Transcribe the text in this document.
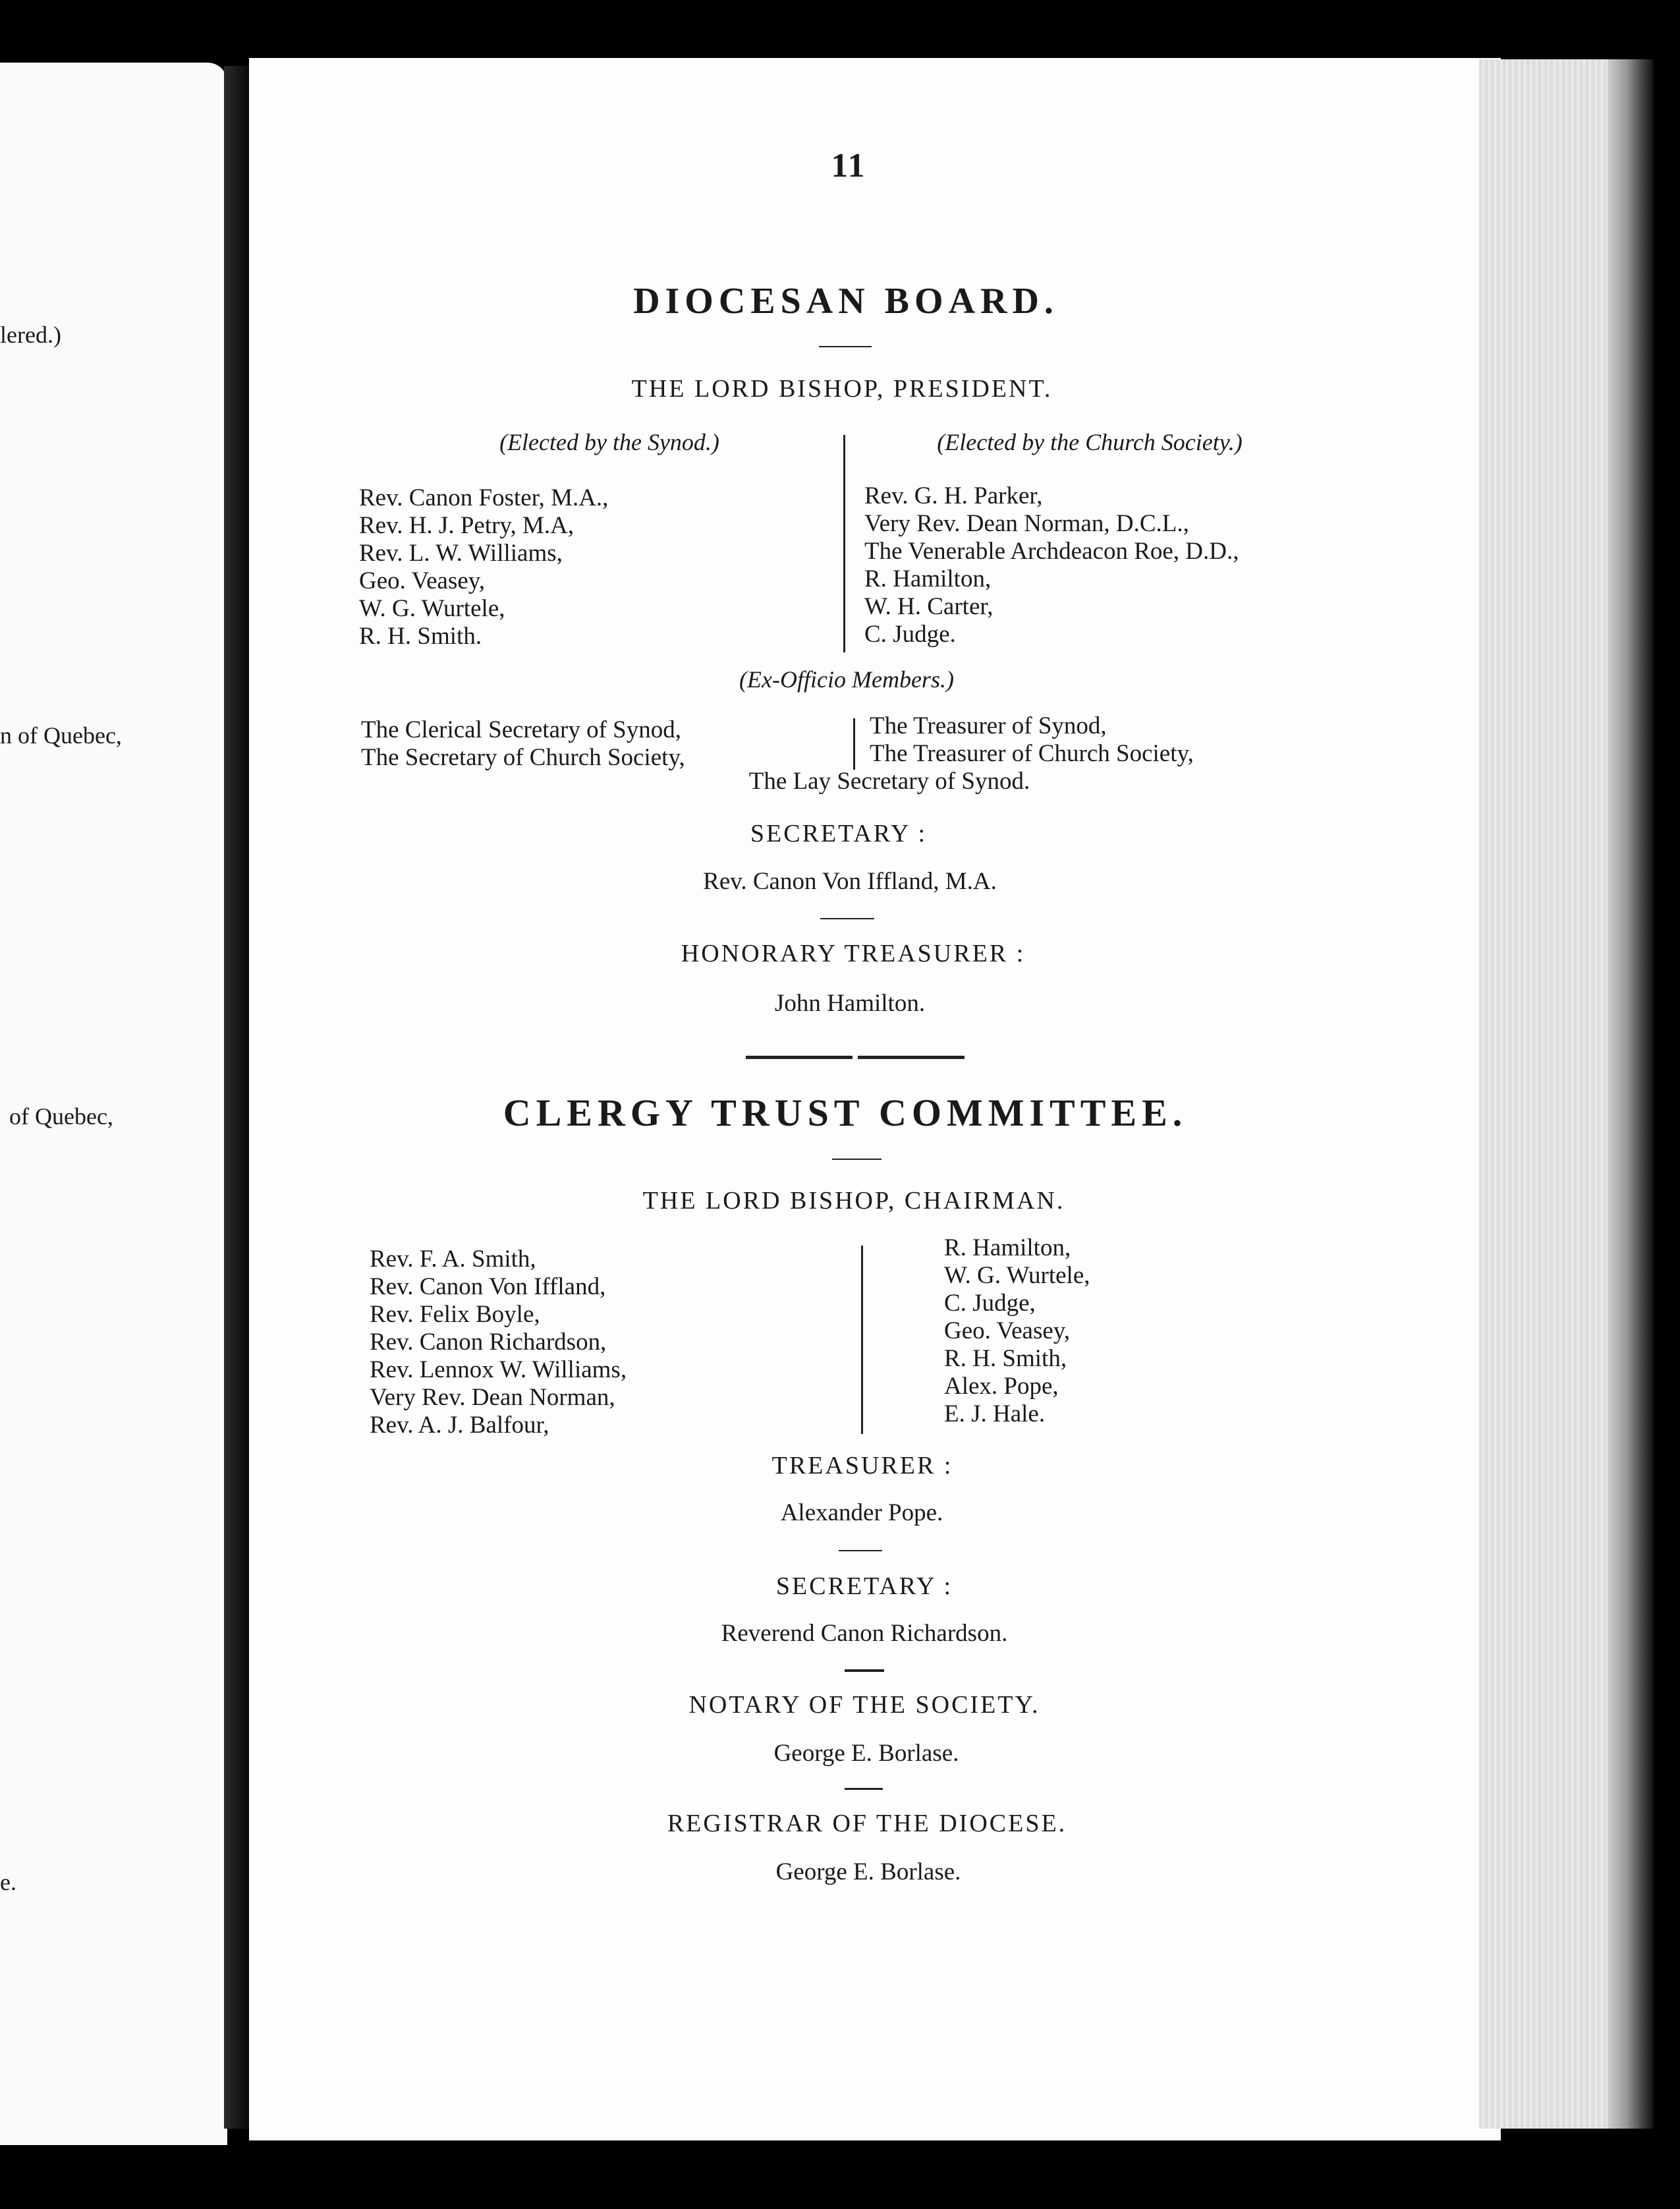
lered.)
n of Quebec,
of Quebec,
e.
11
DIOCESAN BOARD.
THE LORD BISHOP, PRESIDENT.
(Elected by the Synod.)	(Elected by the Church Society.)
Rev. Canon Foster, M.A.,
Rev. H. J. Petry, M.A,
Rev. L. W. Williams,
Geo. Veasey,
W. G. Wurtele,
R. H. Smith.
Rev. G. H. Parker,
Very Rev. Dean Norman, D.C.L.,
The Venerable Archdeacon Roe, D.D.,
R. Hamilton,
W. H. Carter,
C. Judge.
(Ex-Officio Members.)
The Clerical Secretary of Synod,
The Secretary of Church Society,
The Treasurer of Synod,
The Treasurer of Church Society,
The Lay Secretary of Synod.
SECRETARY :
Rev. Canon Von Iffland, M.A.
HONORARY TREASURER :
John Hamilton.
CLERGY TRUST COMMITTEE.
THE LORD BISHOP, CHAIRMAN.
Rev. F. A. Smith,
Rev. Canon Von Iffland,
Rev. Felix Boyle,
Rev. Canon Richardson,
Rev. Lennox W. Williams,
Very Rev. Dean Norman,
Rev. A. J. Balfour,
R. Hamilton,
W. G. Wurtele,
C. Judge,
Geo. Veasey,
R. H. Smith,
Alex. Pope,
E. J. Hale.
TREASURER :
Alexander Pope.
SECRETARY :
Reverend Canon Richardson.
NOTARY OF THE SOCIETY.
George E. Borlase.
REGISTRAR OF THE DIOCESE.
George E. Borlase.
